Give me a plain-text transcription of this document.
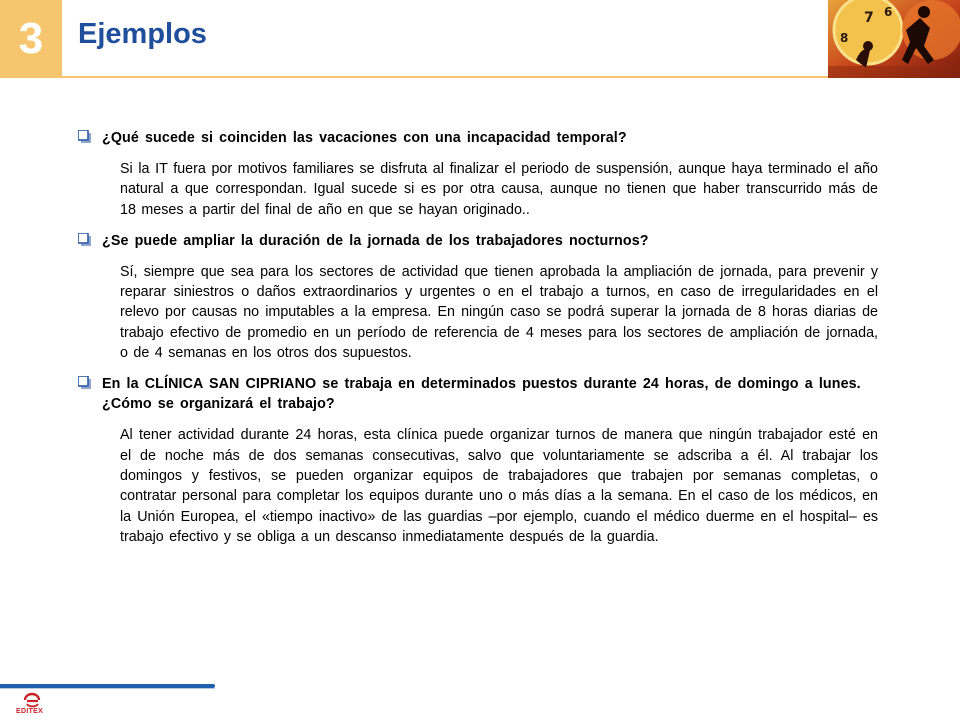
3 Ejemplos	7
8
6
¿Qué sucede si coinciden las vacaciones con una incapacidad temporal?
Si la IT fuera por motivos familiares se disfruta al finalizar el periodo de suspensión, aunque haya terminado el año natural a que correspondan. Igual sucede si es por otra causa, aunque no tienen que haber transcurrido más de 18 meses a partir del final de año en que se hayan originado..
¿Se puede ampliar la duración de la jornada de los trabajadores nocturnos?
Sí, siempre que sea para los sectores de actividad que tienen aprobada la ampliación de jornada, para prevenir y reparar siniestros o daños extraordinarios y urgentes o en el trabajo a turnos, en caso de irregularidades en el relevo por causas no imputables a la empresa. En ningún caso se podrá superar la jornada de 8 horas diarias de trabajo efectivo de promedio en un período de referencia de 4 meses para los sectores de ampliación de jornada, o de 4 semanas en los otros dos supuestos.
En la CLÍNICA SAN CIPRIANO se trabaja en determinados puestos durante 24 horas, de domingo a lunes. ¿Cómo se organizará el trabajo?
Al tener actividad durante 24 horas, esta clínica puede organizar turnos de manera que ningún trabajador esté en el de noche más de dos semanas consecutivas, salvo que voluntariamente se adscriba a él. Al trabajar los domingos y festivos, se pueden organizar equipos de trabajadores que trabajen por semanas completas, o contratar personal para completar los equipos durante uno o más días a la semana. En el caso de los médicos, en la Unión Europea, el «tiempo inactivo» de las guardias –por ejemplo, cuando el médico duerme en el hospital– es trabajo efectivo y se obliga a un descanso inmediatamente después de la guardia.
EDITEX
